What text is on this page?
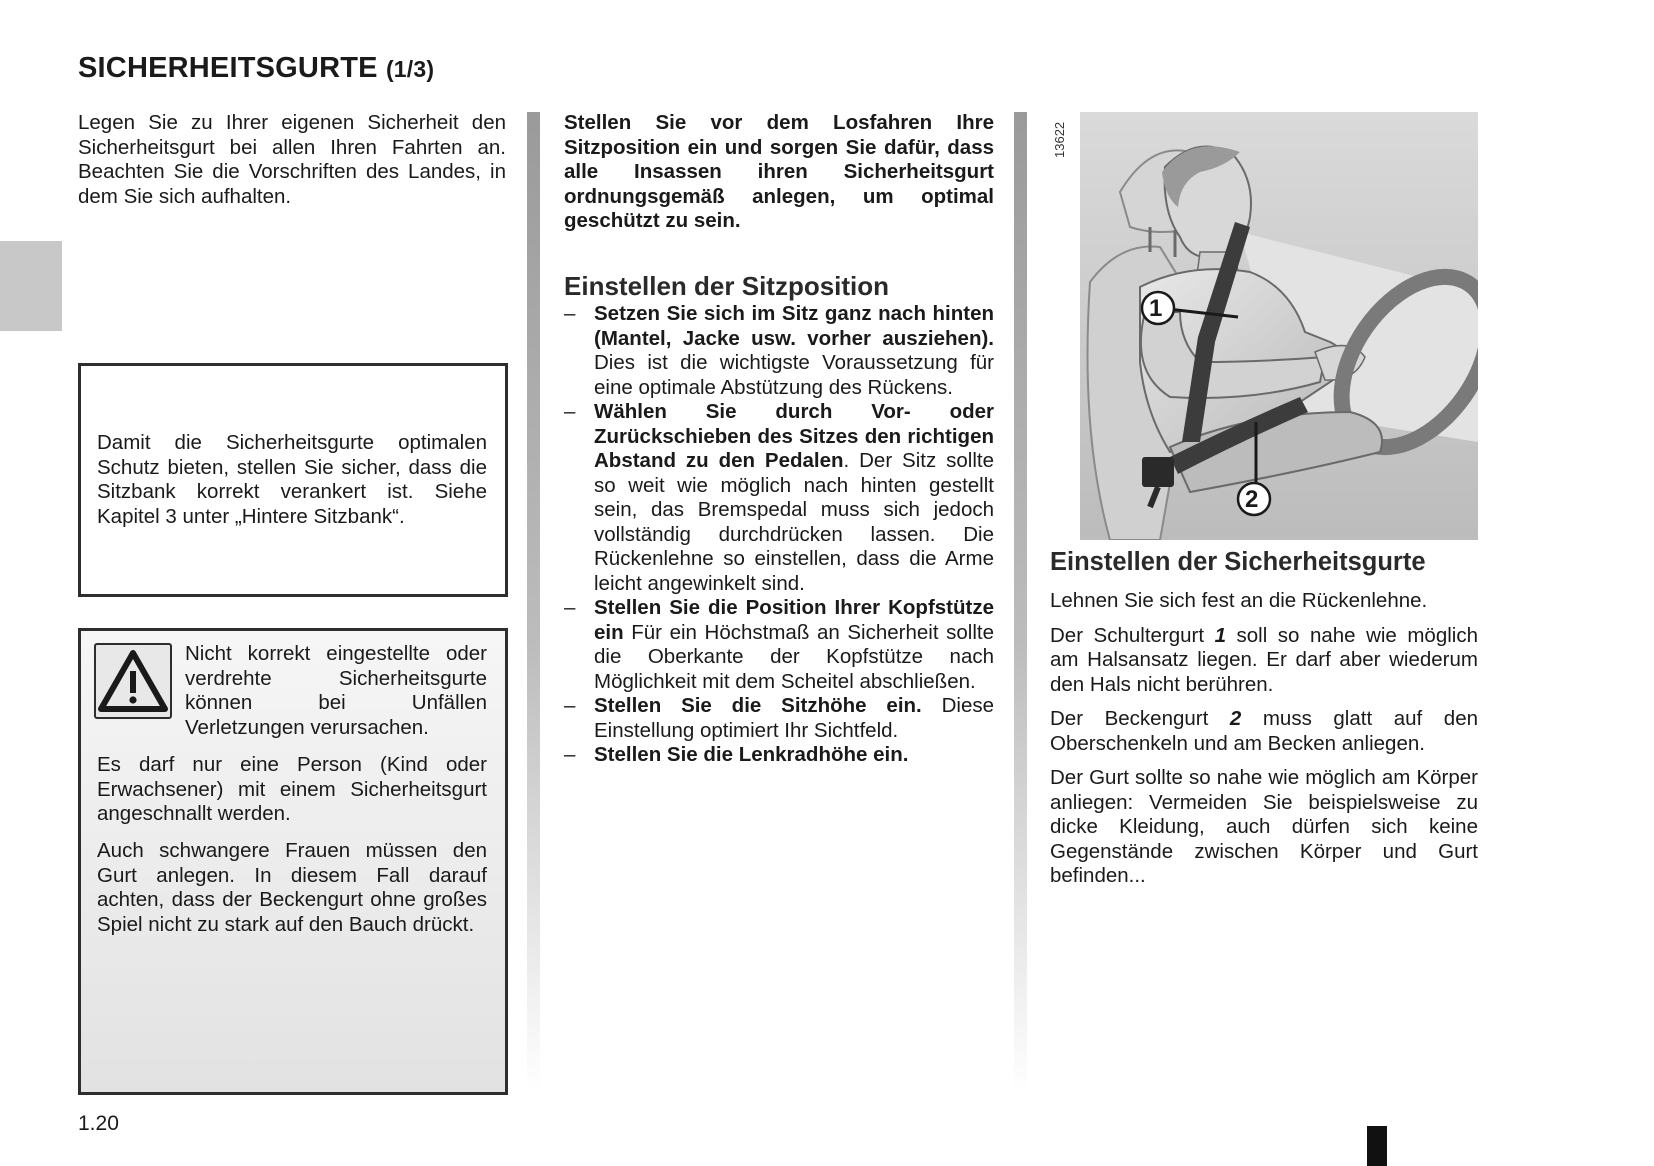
SICHERHEITSGURTE (1/3)

Legen Sie zu Ihrer eigenen Sicherheit den Sicherheitsgurt bei allen Ihren Fahrten an. Beachten Sie die Vorschriften des Landes, in dem Sie sich aufhalten.

Damit die Sicherheitsgurte optimalen Schutz bieten, stellen Sie sicher, dass die Sitzbank korrekt verankert ist. Siehe Kapitel 3 unter „Hintere Sitzbank“.

Nicht korrekt eingestellte oder verdrehte Sicherheitsgurte können bei Unfällen Verletzungen verursachen.

Es darf nur eine Person (Kind oder Erwachsener) mit einem Sicherheitsgurt angeschnallt werden.

Auch schwangere Frauen müssen den Gurt anlegen. In diesem Fall darauf achten, dass der Beckengurt ohne großes Spiel nicht zu stark auf den Bauch drückt.

Stellen Sie vor dem Losfahren Ihre Sitzposition ein und sorgen Sie dafür, dass alle Insassen ihren Sicherheitsgurt ordnungsgemäß anlegen, um optimal geschützt zu sein.

Einstellen der Sitzposition
– Setzen Sie sich im Sitz ganz nach hinten (Mantel, Jacke usw. vorher ausziehen). Dies ist die wichtigste Voraussetzung für eine optimale Abstützung des Rückens.
– Wählen Sie durch Vor- oder Zurückschieben des Sitzes den richtigen Abstand zu den Pedalen. Der Sitz sollte so weit wie möglich nach hinten gestellt sein, das Bremspedal muss sich jedoch vollständig durchdrücken lassen. Die Rückenlehne so einstellen, dass die Arme leicht angewinkelt sind.
– Stellen Sie die Position Ihrer Kopfstütze ein Für ein Höchstmaß an Sicherheit sollte die Oberkante der Kopfstütze nach Möglichkeit mit dem Scheitel abschließen.
– Stellen Sie die Sitzhöhe ein. Diese Einstellung optimiert Ihr Sichtfeld.
– Stellen Sie die Lenkradhöhe ein.
13622
1
2
Einstellen der Sicherheitsgurte

Lehnen Sie sich fest an die Rückenlehne.

Der Schultergurt 1 soll so nahe wie möglich am Halsansatz liegen. Er darf aber wiederum den Hals nicht berühren.

Der Beckengurt 2 muss glatt auf den Oberschenkeln und am Becken anliegen.

Der Gurt sollte so nahe wie möglich am Körper anliegen: Vermeiden Sie beispielsweise zu dicke Kleidung, auch dürfen sich keine Gegenstände zwischen Körper und Gurt befinden...

1.20
